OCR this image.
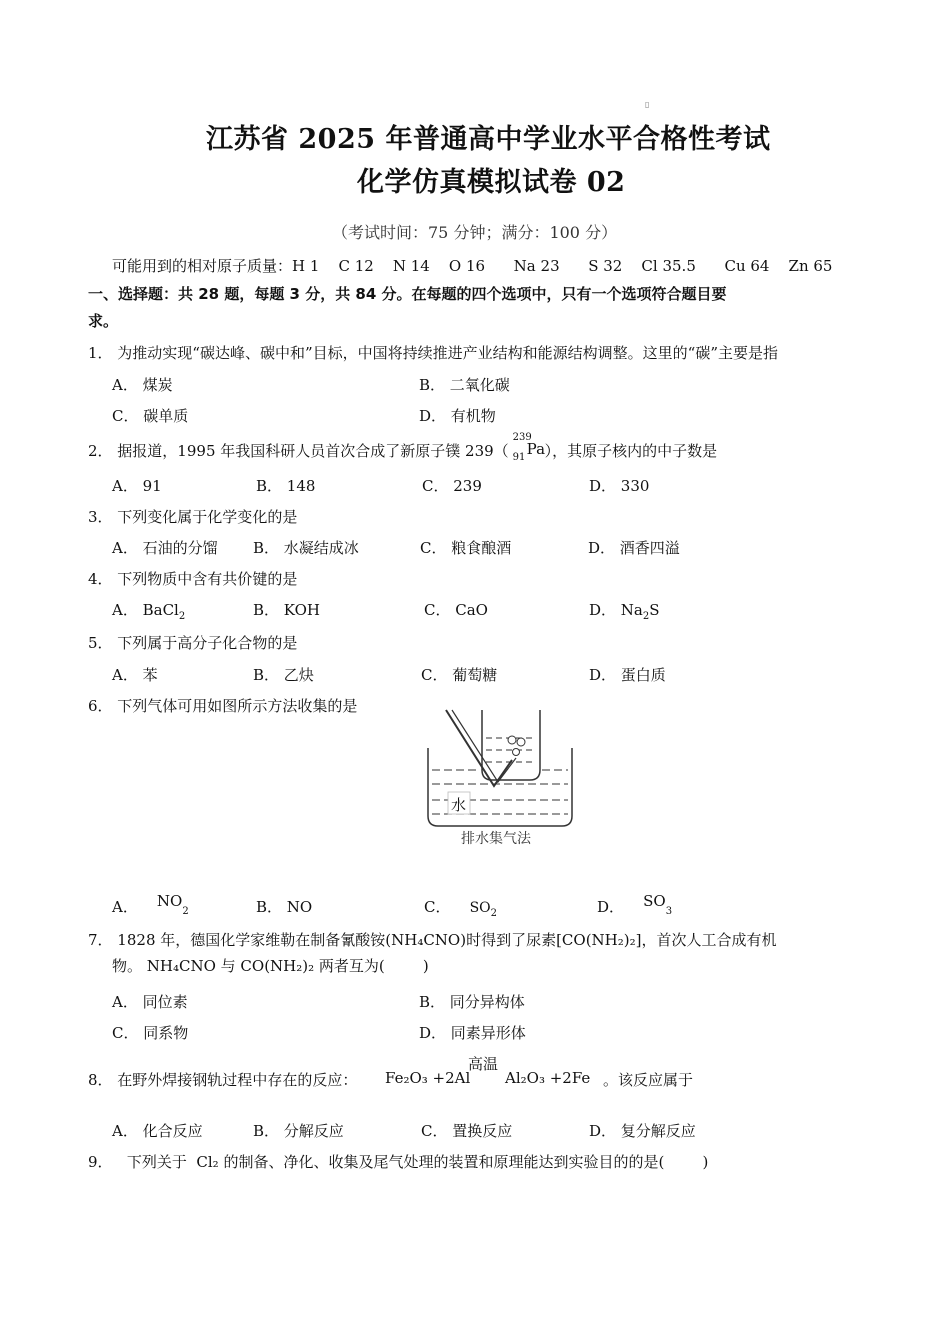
▯
江苏省 2025 年普通高中学业水平合格性考试
化学仿真模拟试卷 02
（考试时间：75 分钟；满分：100 分）
可能用到的相对原子质量：H 1    C 12    N 14    O 16      Na 23      S 32    Cl 35.5      Cu 64    Zn 65
一、选择题：共 28 题，每题 3 分，共 84 分。在每题的四个选项中，只有一个选项符合题目要
求。
1． 为推动实现“碳达峰、碳中和”目标，中国将持续推进产业结构和能源结构调整。这里的“碳”主要是指
A． 煤炭	B． 二氧化碳
C． 碳单质	D． 有机物
2． 据报道，1995 年我国科研人员首次合成了新原子镤 239（
239
91 Pa ），其原子核内的中子数是
A． 91	B． 148	C． 239	D． 330
3． 下列变化属于化学变化的是
A． 石油的分馏 B． 水凝结成冰	C． 粮食酿酒	D． 酒香四溢
4． 下列物质中含有共价键的是
A． BaCl$_2$	B． KOH	C． CaO	D． $Na_2S$
5． 下列属于高分子化合物的是
A． 苯	B． 乙炔	C． 葡萄糖	D． 蛋白质
6． 下列气体可用如图所示方法收集的是
水
排水集气法
A． $NO_2$	B． NO	C． $SO_2$	D． $SO_3$
7． 1828 年，德国化学家维勒在制备氰酸铵(NH₄CNO)时得到了尿素[CO(NH₂)₂]，首次人工合成有机
物。 NH₄CNO 与 CO(NH₂)₂ 两者互为(        )
A． 同位素	B． 同分异构体
C． 同系物	D． 同素异形体
8． 在野外焊接钢轨过程中存在的反应：
高温
Fe₂O₃ +2Al Al₂O₃ +2Fe 。该反应属于
A． 化合反应	B． 分解反应	C． 置换反应	D． 复分解反应
9．   下列关于  Cl₂ 的制备、净化、收集及尾气处理的装置和原理能达到实验目的的是(        )
